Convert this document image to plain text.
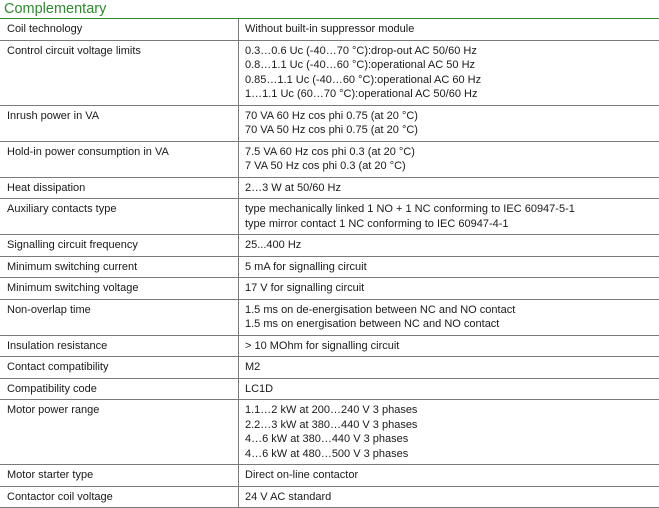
Complementary
Coil technology	Without built-in suppressor module

Control circuit voltage limits	0.3…0.6 Uc (-40…70 °C):drop-out AC 50/60 Hz
0.8…1.1 Uc (-40…60 °C):operational AC 50 Hz
0.85…1.1 Uc (-40…60 °C):operational AC 60 Hz
1…1.1 Uc (60…70 °C):operational AC 50/60 Hz

Inrush power in VA	70 VA 60 Hz cos phi 0.75 (at 20 °C)
70 VA 50 Hz cos phi 0.75 (at 20 °C)

Hold-in power consumption in VA	7.5 VA 60 Hz cos phi 0.3 (at 20 °C)
7 VA 50 Hz cos phi 0.3 (at 20 °C)

Heat dissipation	2…3 W at 50/60 Hz

Auxiliary contacts type	type mechanically linked 1 NO + 1 NC conforming to IEC 60947-5-1
type mirror contact 1 NC conforming to IEC 60947-4-1

Signalling circuit frequency	25...400 Hz

Minimum switching current	5 mA for signalling circuit

Minimum switching voltage	17 V for signalling circuit

Non-overlap time	1.5 ms on de-energisation between NC and NO contact
1.5 ms on energisation between NC and NO contact

Insulation resistance	> 10 MOhm for signalling circuit

Contact compatibility	M2

Compatibility code	LC1D

Motor power range	1.1…2 kW at 200…240 V 3 phases
2.2…3 kW at 380…440 V 3 phases
4…6 kW at 380…440 V 3 phases
4…6 kW at 480…500 V 3 phases

Motor starter type	Direct on-line contactor

Contactor coil voltage	24 V AC standard
